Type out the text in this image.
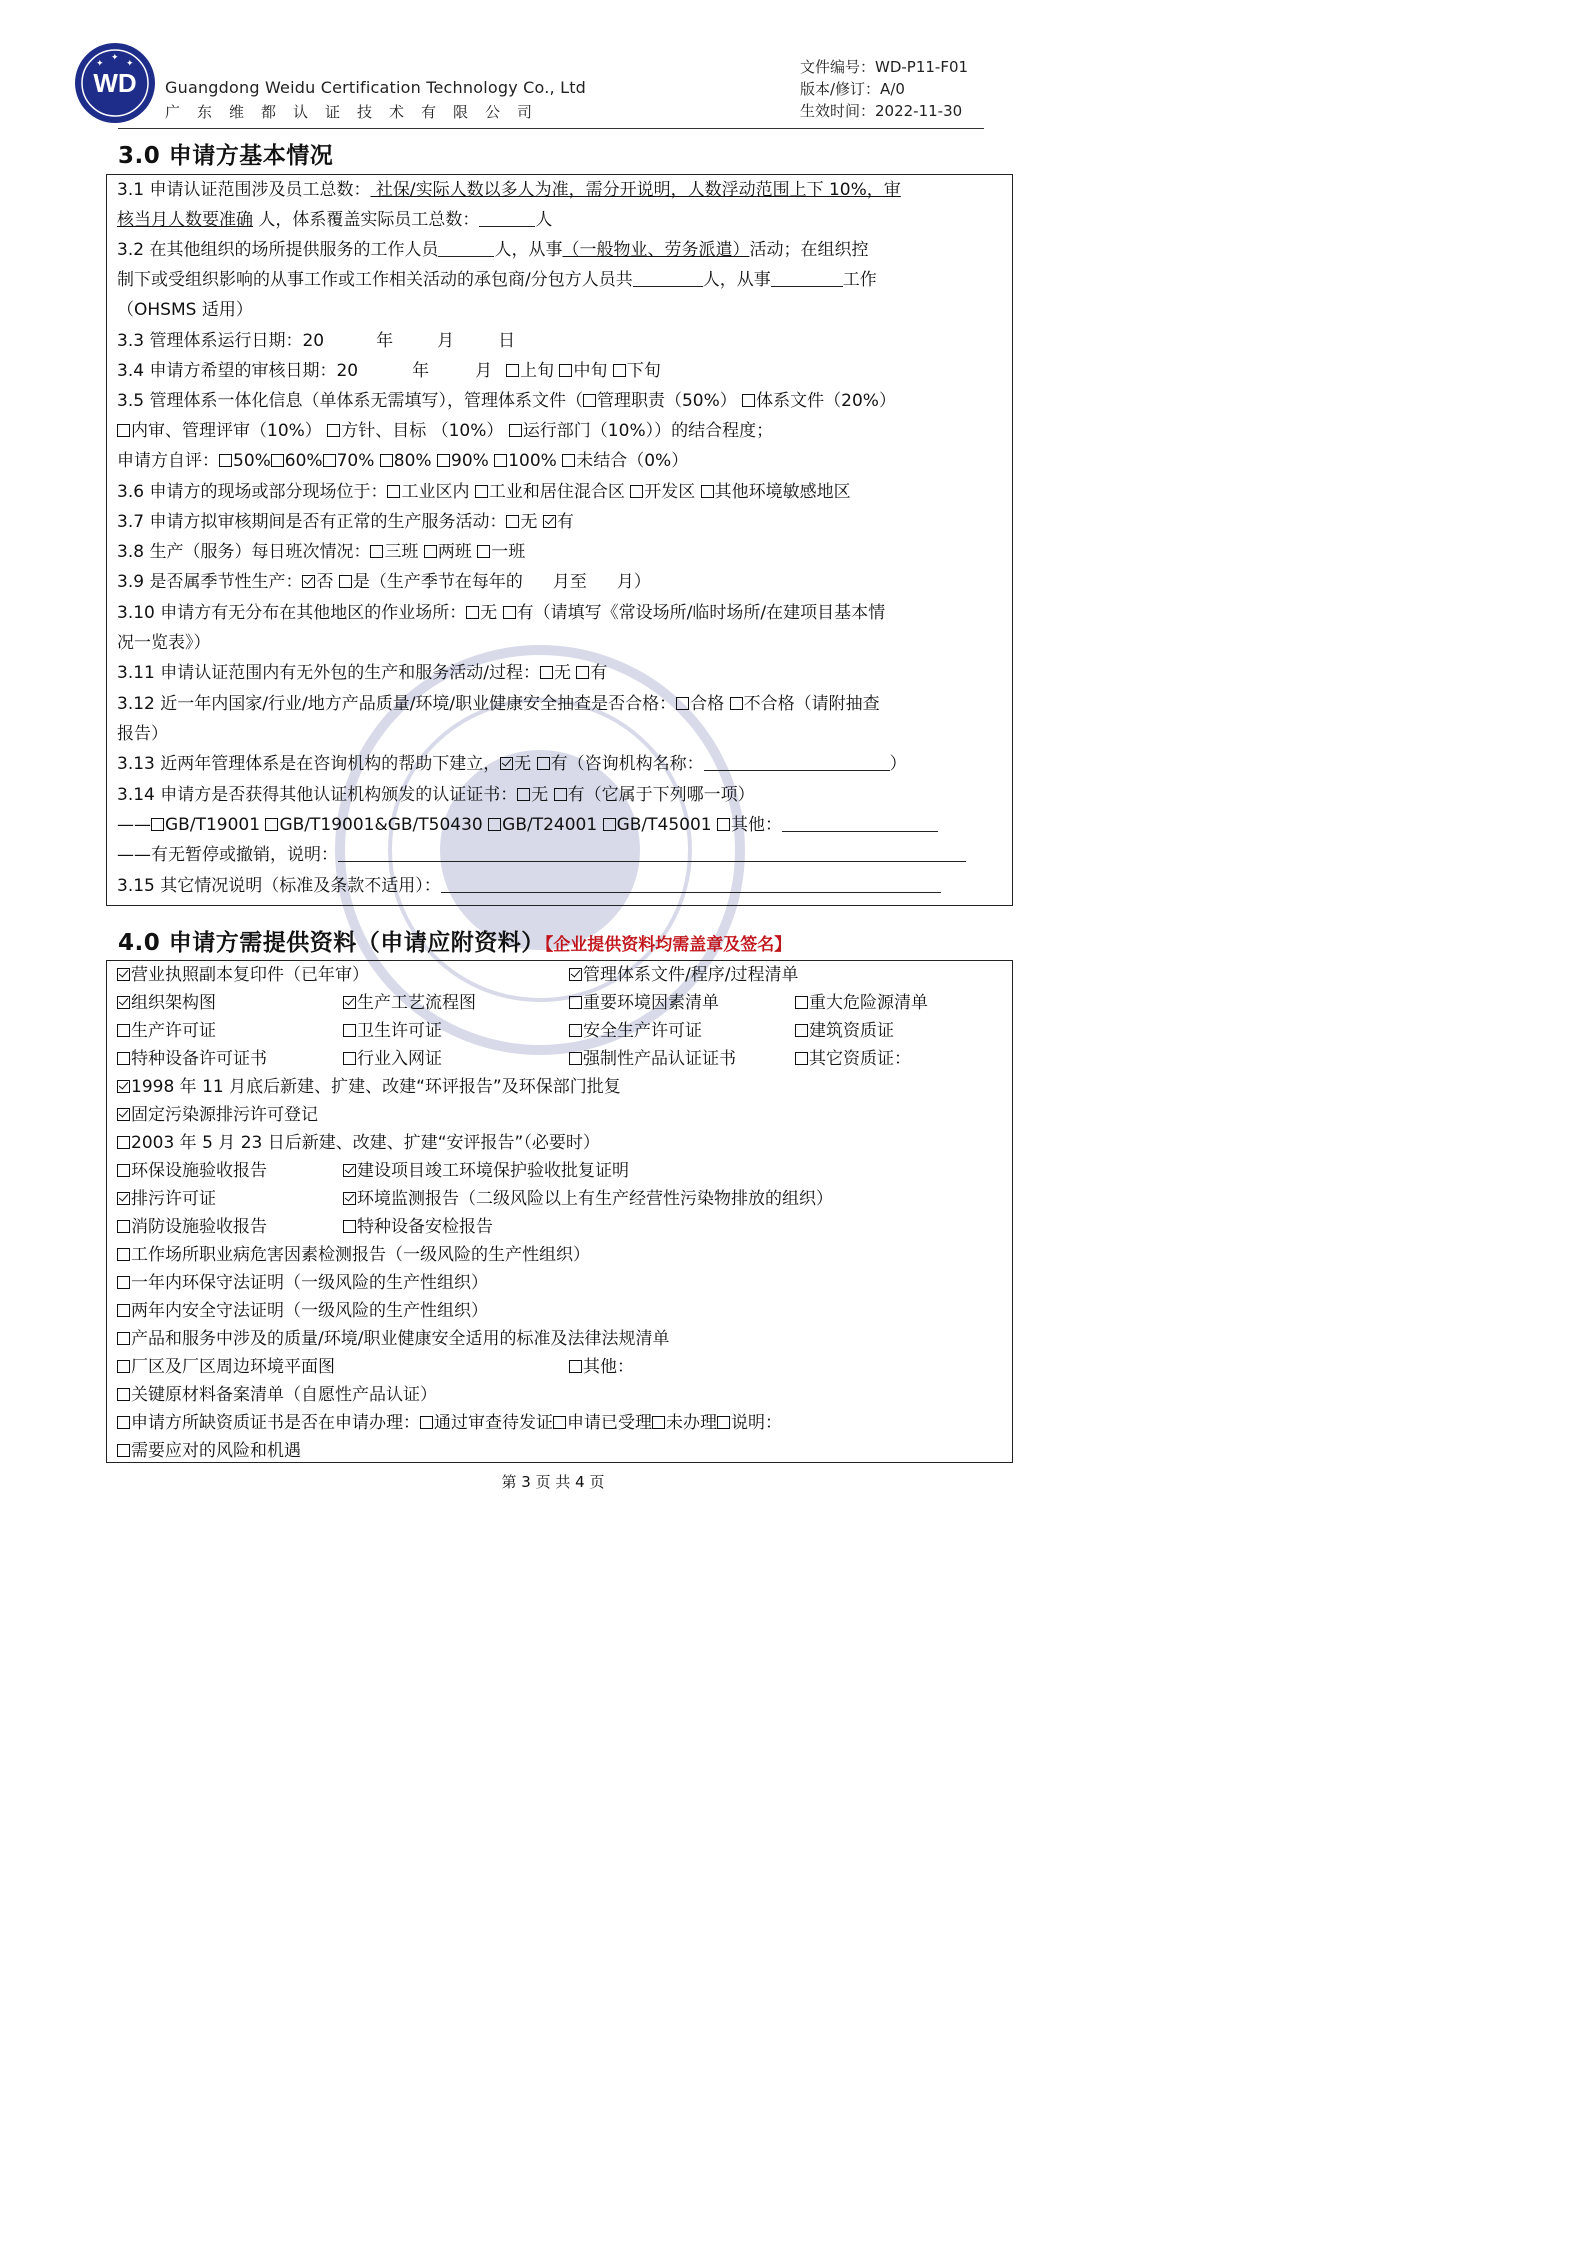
WD
✦
✦
✦
Guangdong Weidu Certification Technology Co., Ltd
广东维都认证技术有限公司
文件编号：WD-P11-F01
版本/修订：A/0
生效时间：2022-11-30
3.0 申请方基本情况
3.1 申请认证范围涉及员工总数： 社保/实际人数以多人为准，需分开说明，人数浮动范围上下 10%，审
核当月人数要准确 人，体系覆盖实际员工总数：	人
3.2 在其他组织的场所提供服务的工作人员	人，从事（一般物业、劳务派遣）活动；在组织控
制下或受组织影响的从事工作或工作相关活动的承包商/分包方人员共	人，从事	工作
（OHSMS 适用）
3.3 管理体系运行日期：20	年	月	日
3.4 申请方希望的审核日期：20	年	月 上旬 中旬 下旬
3.5 管理体系一体化信息（单体系无需填写），管理体系文件（ 管理职责（50%） 体系文件（20%）
内审、管理评审（10%） 方针、目标 （10%） 运行部门（10%））的结合程度；
申请方自评： 50% 60% 70% 80% 90% 100% 未结合（0%）
3.6 申请方的现场或部分现场位于： 工业区内 工业和居住混合区 开发区 其他环境敏感地区
3.7 申请方拟审核期间是否有正常的生产服务活动： 无 有
3.8 生产（服务）每日班次情况： 三班 两班 一班
3.9 是否属季节性生产： 否 是（生产季节在每年的 月至 月）
3.10 申请方有无分布在其他地区的作业场所： 无 有（请填写《常设场所/临时场所/在建项目基本情
况一览表》）
3.11 申请认证范围内有无外包的生产和服务活动/过程： 无 有
3.12 近一年内国家/行业/地方产品质量/环境/职业健康安全抽查是否合格： 合格 不合格（请附抽查
报告）
3.13 近两年管理体系是在咨询机构的帮助下建立， 无 有（咨询机构名称：	）
3.14 申请方是否获得其他认证机构颁发的认证证书： 无 有（它属于下列哪一项）
—— GB/T19001 GB/T19001&GB/T50430 GB/T24001 GB/T45001 其他：
——有无暂停或撤销，说明：
3.15 其它情况说明（标准及条款不适用）：
4.0 申请方需提供资料（申请应附资料）【企业提供资料均需盖章及签名】
营业执照副本复印件（已年审）	管理体系文件/程序/过程清单
组织架构图	生产工艺流程图	重要环境因素清单	重大危险源清单
生产许可证	卫生许可证	安全生产许可证	建筑资质证
特种设备许可证书	行业入网证	强制性产品认证证书	其它资质证：
1998 年 11 月底后新建、扩建、改建“环评报告”及环保部门批复
固定污染源排污许可登记
2003 年 5 月 23 日后新建、改建、扩建“安评报告”（必要时）
环保设施验收报告	建设项目竣工环境保护验收批复证明
排污许可证	环境监测报告（二级风险以上有生产经营性污染物排放的组织）
消防设施验收报告	特种设备安检报告
工作场所职业病危害因素检测报告（一级风险的生产性组织）
一年内环保守法证明（一级风险的生产性组织）
两年内安全守法证明（一级风险的生产性组织）
产品和服务中涉及的质量/环境/职业健康安全适用的标准及法律法规清单
厂区及厂区周边环境平面图	其他：
关键原材料备案清单（自愿性产品认证）
申请方所缺资质证书是否在申请办理： 通过审查待发证 申请已受理 未办理 说明：
需要应对的风险和机遇
第 3 页 共 4 页
